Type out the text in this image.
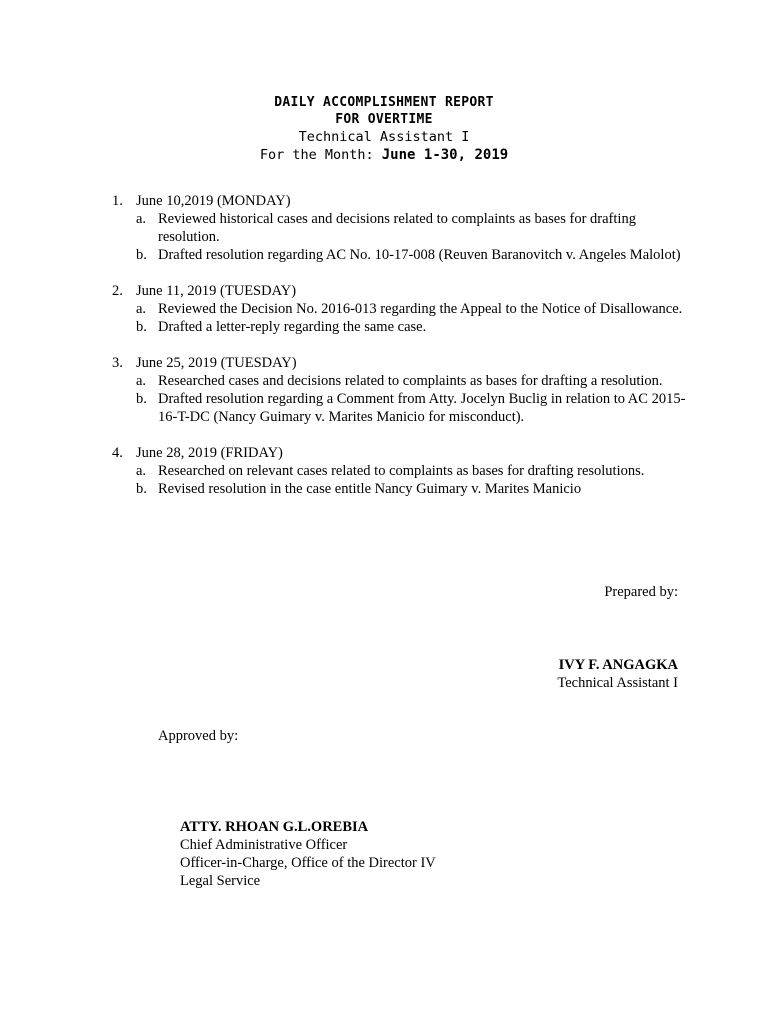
DAILY ACCOMPLISHMENT REPORT
FOR OVERTIME
Technical Assistant I
For the Month: June 1-30, 2019
1. June 10,2019 (MONDAY)
a. Reviewed historical cases and decisions related to complaints as bases for drafting resolution.
b. Drafted resolution regarding AC No. 10-17-008 (Reuven Baranovitch v. Angeles Malolot)
2. June 11, 2019 (TUESDAY)
a. Reviewed the Decision No. 2016-013 regarding the Appeal to the Notice of Disallowance.
b. Drafted a letter-reply regarding the same case.
3. June 25, 2019 (TUESDAY)
a. Researched cases and decisions related to complaints as bases for drafting a resolution.
b. Drafted resolution regarding a Comment from Atty. Jocelyn Buclig in relation to AC 2015-16-T-DC (Nancy Guimary v. Marites Manicio for misconduct).
4. June 28, 2019 (FRIDAY)
a. Researched on relevant cases related to complaints as bases for drafting resolutions.
b. Revised resolution in the case entitle Nancy Guimary v. Marites Manicio
Prepared by:
IVY F. ANGAGKA
Technical Assistant I
Approved by:
ATTY. RHOAN G.L.OREBIA
Chief Administrative Officer
Officer-in-Charge, Office of the Director IV
Legal Service
